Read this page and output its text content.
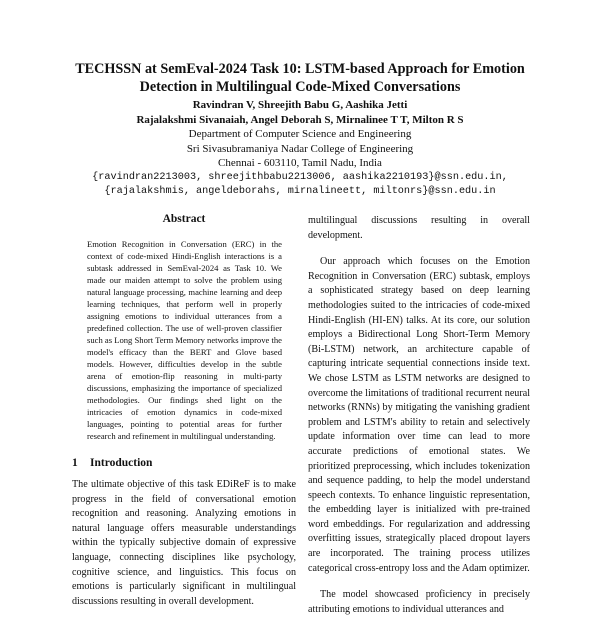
TECHSSN at SemEval-2024 Task 10: LSTM-based Approach for Emotion
Detection in Multilingual Code-Mixed Conversations
Ravindran V, Shreejith Babu G, Aashika Jetti
Rajalakshmi Sivanaiah, Angel Deborah S, Mirnalinee T T, Milton R S
Department of Computer Science and Engineering
Sri Sivasubramaniya Nadar College of Engineering
Chennai - 603110, Tamil Nadu, India
{ravindran2213003, shreejithbabu2213006, aashika2210193}@ssn.edu.in,
{rajalakshmis, angeldeborahs, mirnalineett, miltonrs}@ssn.edu.in
Abstract

Emotion Recognition in Conversation (ERC) in the context of code-mixed Hindi-English interactions is a subtask addressed in SemEval-2024 as Task 10. We made our maiden attempt to solve the problem using natural language processing, machine learning and deep learning techniques, that perform well in properly assigning emotions to individual utterances from a predefined collection. The use of well-proven classifier such as Long Short Term Memory networks improve the model's efficacy than the BERT and Glove based models. However, difficulties develop in the subtle arena of emotion-flip reasoning in multi-party discussions, emphasizing the importance of specialized methodologies. Our findings shed light on the intricacies of emotion dynamics in code-mixed languages, pointing to potential areas for further research and refinement in multilingual understanding.

1 Introduction

The ultimate objective of this task EDiReF is to make progress in the field of conversational emotion recognition and reasoning. Analyzing emotions in natural language offers measurable understandings within the typically subjective domain of expressive language, connecting disciplines like psychology, cognitive science, and linguistics. This focus on emotions is particularly significant in multilingual discussions resulting in overall development.

multilingual discussions resulting in overall development.

Our approach which focuses on the Emotion Recognition in Conversation (ERC) subtask, employs a sophisticated strategy based on deep learning methodologies suited to the intricacies of code-mixed Hindi-English (HI-EN) talks. At its core, our solution employs a Bidirectional Long Short-Term Memory (Bi-LSTM) network, an architecture capable of capturing intricate sequential connections inside text. We chose LSTM as LSTM networks are designed to overcome the limitations of traditional recurrent neural networks (RNNs) by mitigating the vanishing gradient problem and LSTM's ability to retain and selectively update information over time can lead to more accurate predictions of emotional states. We prioritized preprocessing, which includes tokenization and sequence padding, to help the model understand speech contexts. To enhance linguistic representation, the embedding layer is initialized with pre-trained word embeddings. For regularization and addressing overfitting issues, strategically placed dropout layers are incorporated. The training process utilizes categorical cross-entropy loss and the Adam optimizer.

The model showcased proficiency in precisely attributing emotions to individual utterances and
